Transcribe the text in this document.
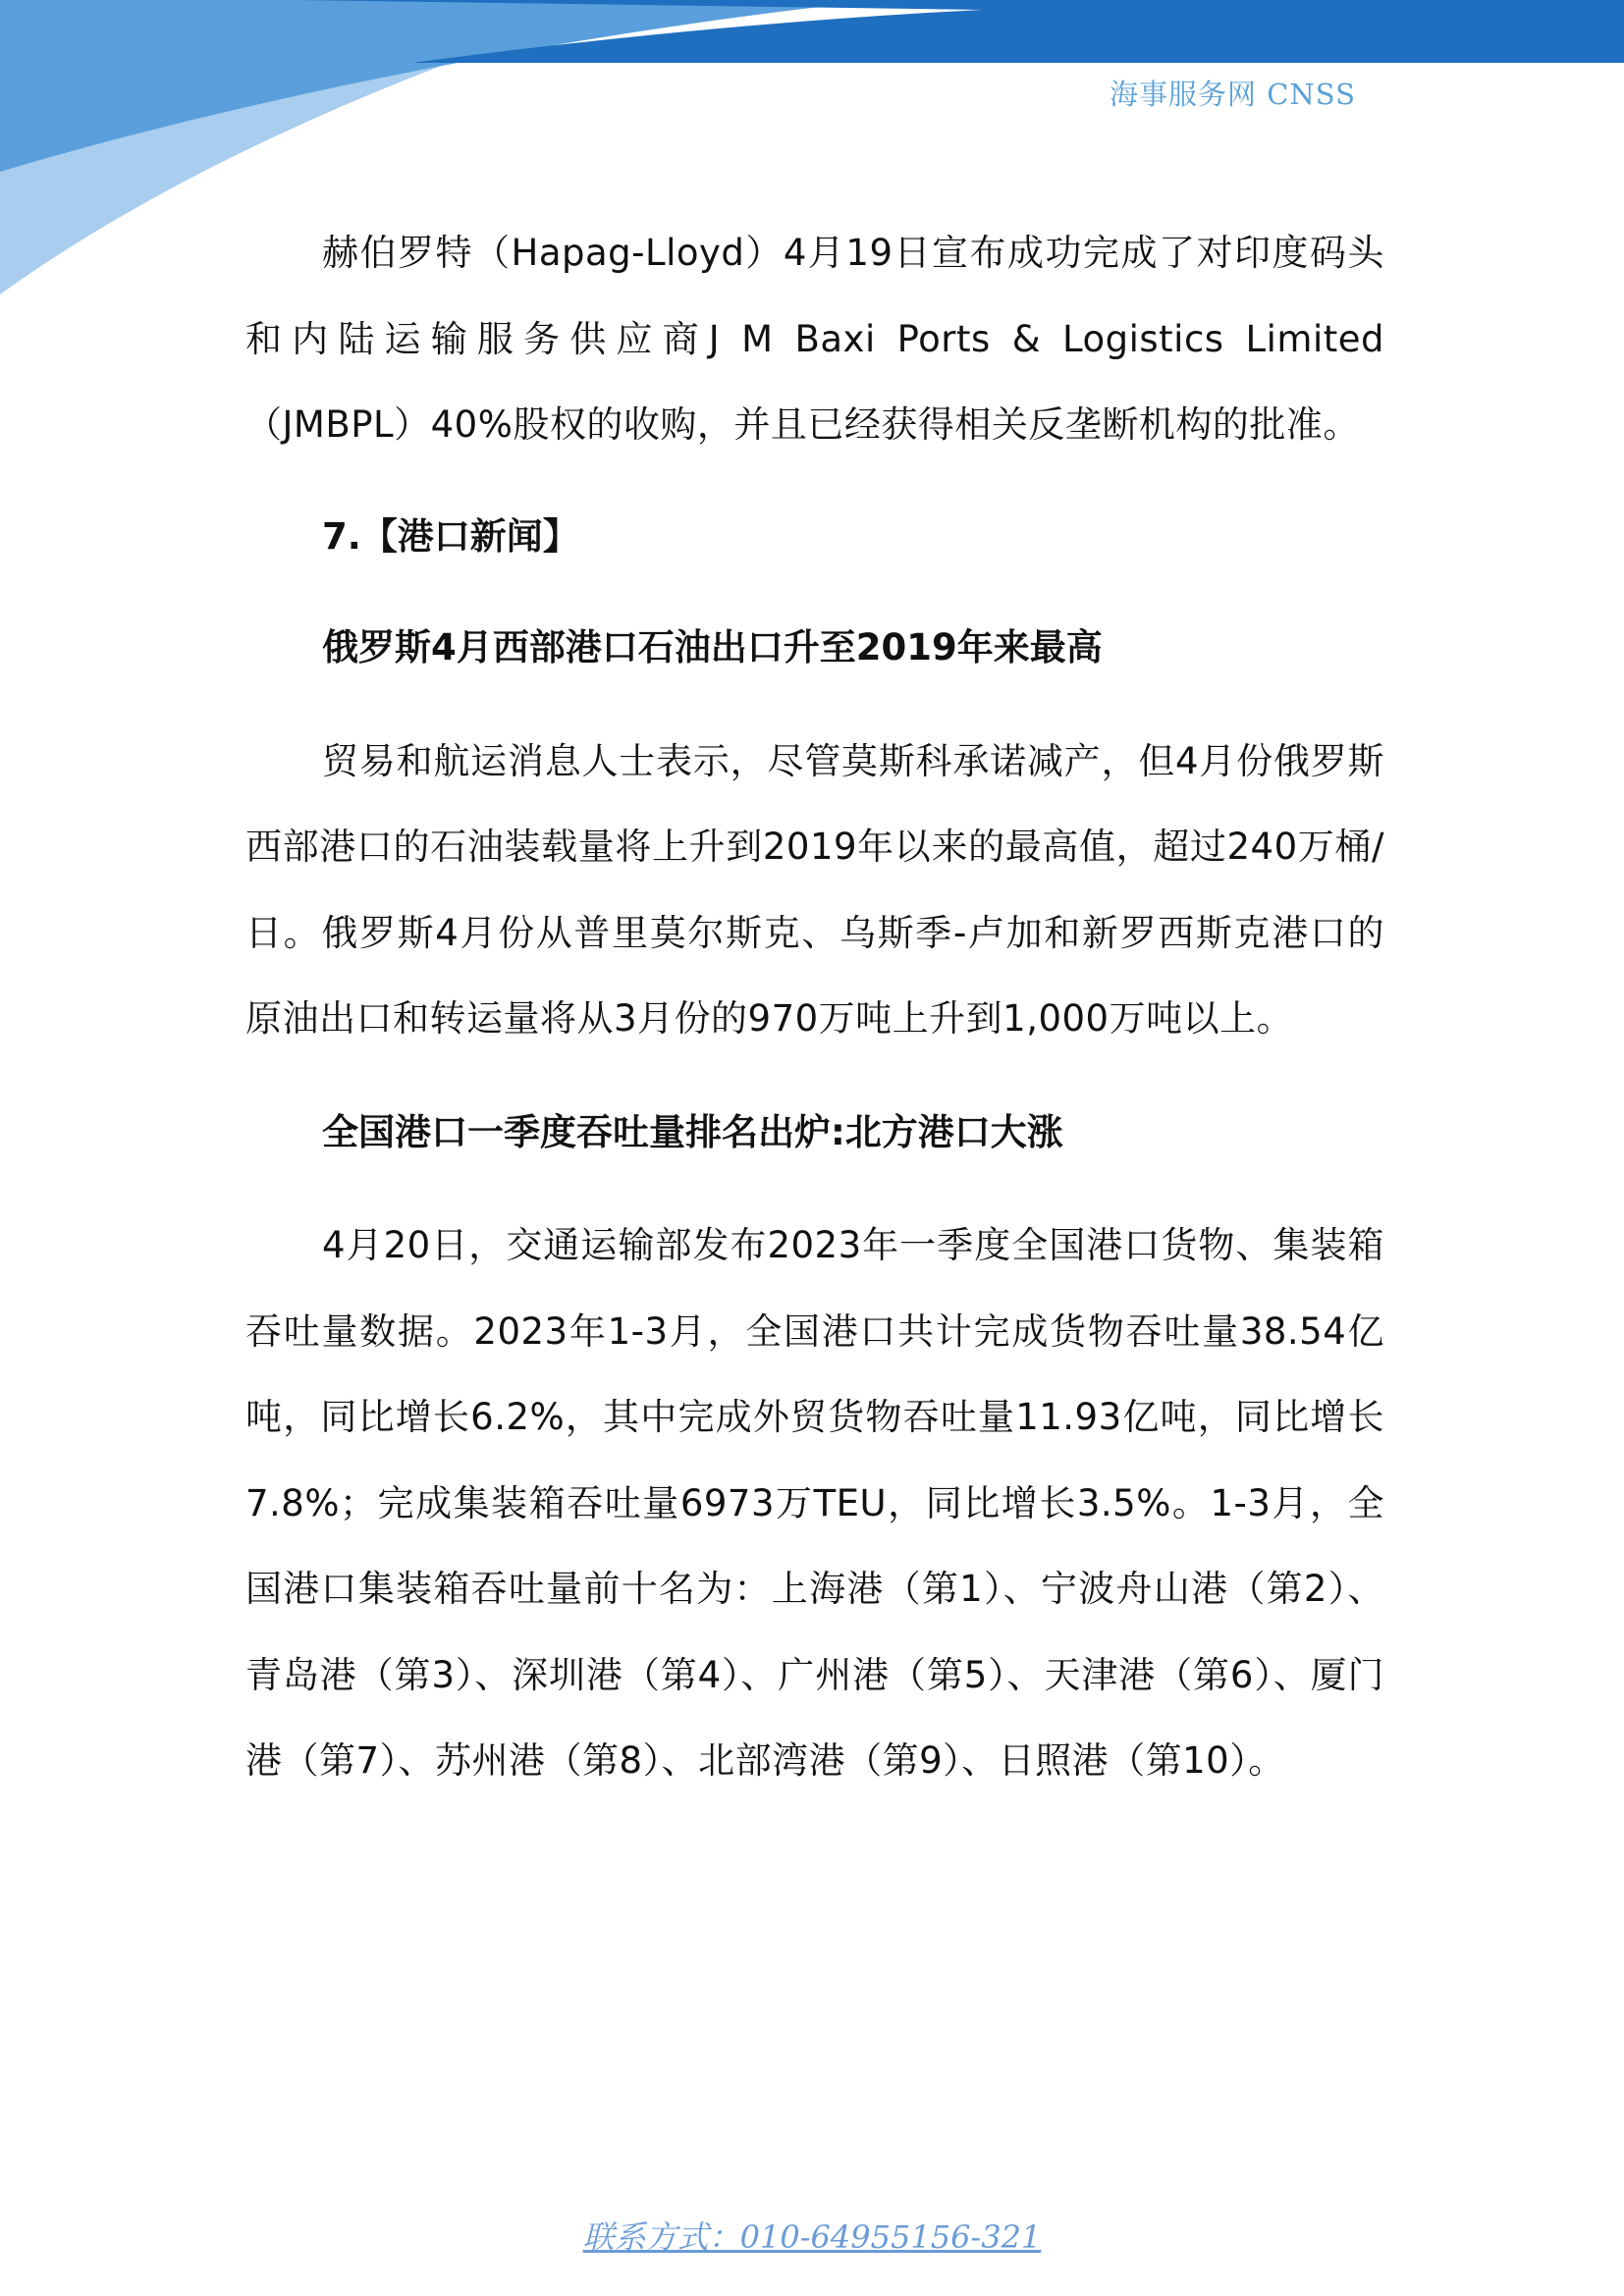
海事服务网 CNSS

赫伯罗特（Hapag-Lloyd）4月19日宣布成功完成了对印度码头和内陆运输服务供应商J M Baxi Ports & Logistics Limited（JMBPL）40%股权的收购，并且已经获得相关反垄断机构的批准。

7.【港口新闻】

俄罗斯4月西部港口石油出口升至2019年来最高

贸易和航运消息人士表示，尽管莫斯科承诺减产，但4月份俄罗斯西部港口的石油装载量将上升到2019年以来的最高值，超过240万桶/日。俄罗斯4月份从普里莫尔斯克、乌斯季-卢加和新罗西斯克港口的原油出口和转运量将从3月份的970万吨上升到1,000万吨以上。

全国港口一季度吞吐量排名出炉:北方港口大涨

4月20日，交通运输部发布2023年一季度全国港口货物、集装箱吞吐量数据。2023年1-3月，全国港口共计完成货物吞吐量38.54亿吨，同比增长6.2%，其中完成外贸货物吞吐量11.93亿吨，同比增长7.8%；完成集装箱吞吐量6973万TEU，同比增长3.5%。1-3月，全国港口集装箱吞吐量前十名为：上海港（第1）、宁波舟山港（第2）、青岛港（第3）、深圳港（第4）、广州港（第5）、天津港（第6）、厦门港（第7）、苏州港（第8）、北部湾港（第9）、日照港（第10）。

联系方式：010-64955156-321
